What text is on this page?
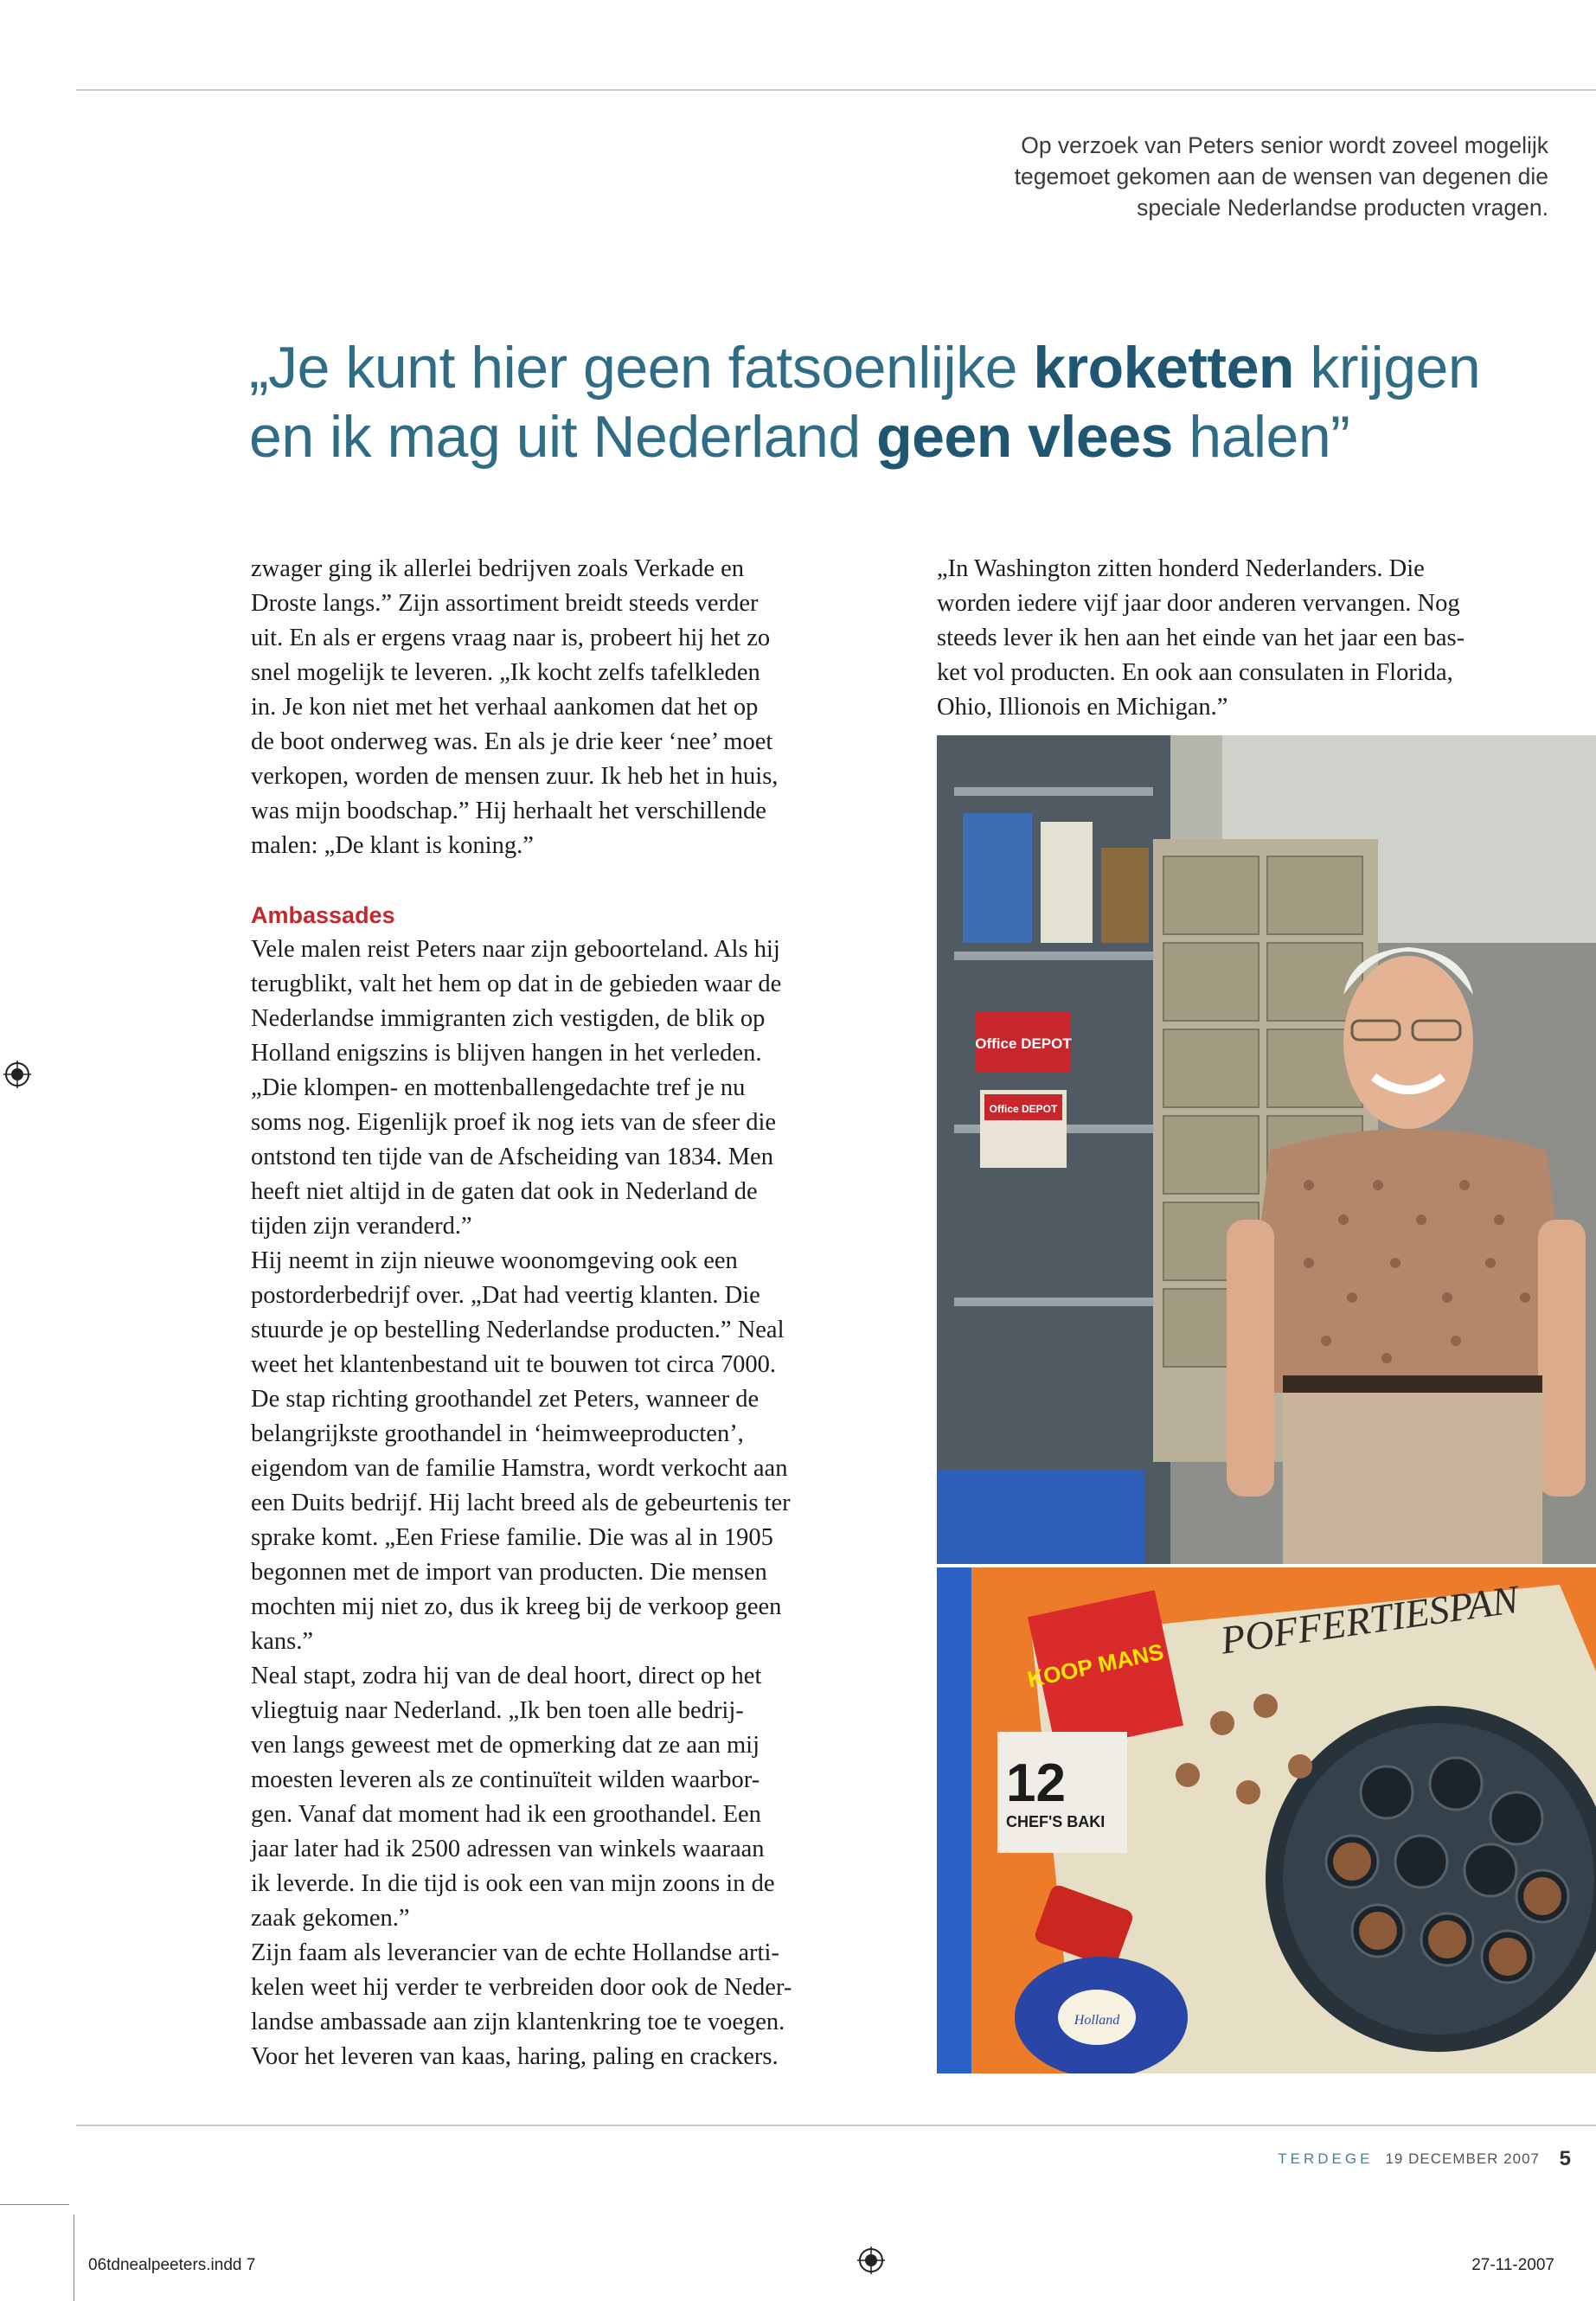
Op verzoek van Peters senior wordt zoveel mogelijk
tegemoet gekomen aan de wensen van degenen die
speciale Nederlandse producten vragen.
„Je kunt hier geen fatsoenlijke kroketten krijgen
en ik mag uit Nederland geen vlees halen”

zwager ging ik allerlei bedrijven zoals Verkade en

Droste langs.” Zijn assortiment breidt steeds verder

uit. En als er ergens vraag naar is, probeert hij het zo

snel mogelijk te leveren. „Ik kocht zelfs tafelkleden

in. Je kon niet met het verhaal aankomen dat het op

de boot onderweg was. En als je drie keer ‘nee’ moet

verkopen, worden de mensen zuur. Ik heb het in huis,

was mijn boodschap.” Hij herhaalt het verschillende

malen: „De klant is koning.”

Ambassades

Vele malen reist Peters naar zijn geboorteland. Als hij

terugblikt, valt het hem op dat in de gebieden waar de

Nederlandse immigranten zich vestigden, de blik op

Holland enigszins is blijven hangen in het verleden.

„Die klompen- en mottenballengedachte tref je nu

soms nog. Eigenlijk proef ik nog iets van de sfeer die

ontstond ten tijde van de Afscheiding van 1834. Men

heeft niet altijd in de gaten dat ook in Nederland de

tijden zijn veranderd.”

Hij neemt in zijn nieuwe woonomgeving ook een

postorderbedrijf over. „Dat had veertig klanten. Die

stuurde je op bestelling Nederlandse producten.” Neal

weet het klantenbestand uit te bouwen tot circa 7000.

De stap richting groothandel zet Peters, wanneer de

belangrijkste groothandel in ‘heimweeproducten’,

eigendom van de familie Hamstra, wordt verkocht aan

een Duits bedrijf. Hij lacht breed als de gebeurtenis ter

sprake komt. „Een Friese familie. Die was al in 1905

begonnen met de import van producten. Die mensen

mochten mij niet zo, dus ik kreeg bij de verkoop geen

kans.”

Neal stapt, zodra hij van de deal hoort, direct op het

vliegtuig naar Nederland. „Ik ben toen alle bedrij-

ven langs geweest met de opmerking dat ze aan mij

moesten leveren als ze continuïteit wilden waarbor-

gen. Vanaf dat moment had ik een groothandel. Een

jaar later had ik 2500 adressen van winkels waaraan

ik leverde. In die tijd is ook een van mijn zoons in de

zaak gekomen.”

Zijn faam als leverancier van de echte Hollandse arti-

kelen weet hij verder te verbreiden door ook de Neder-

landse ambassade aan zijn klantenkring toe te voegen.

Voor het leveren van kaas, haring, paling en crackers.

„In Washington zitten honderd Nederlanders. Die

worden iedere vijf jaar door anderen vervangen. Nog

steeds lever ik hen aan het einde van het jaar een bas-

ket vol producten. En ook aan consulaten in Florida,

Ohio, Illionois en Michigan.”

Office DEPOT
Office DEPOT
KOOP MANS
POFFERTIESPAN
12
CHEF'S BAKI
Holland
TERDEGE 19 DECEMBER 2007 5
06tdnealpeeters.indd 7	27-11-2007
